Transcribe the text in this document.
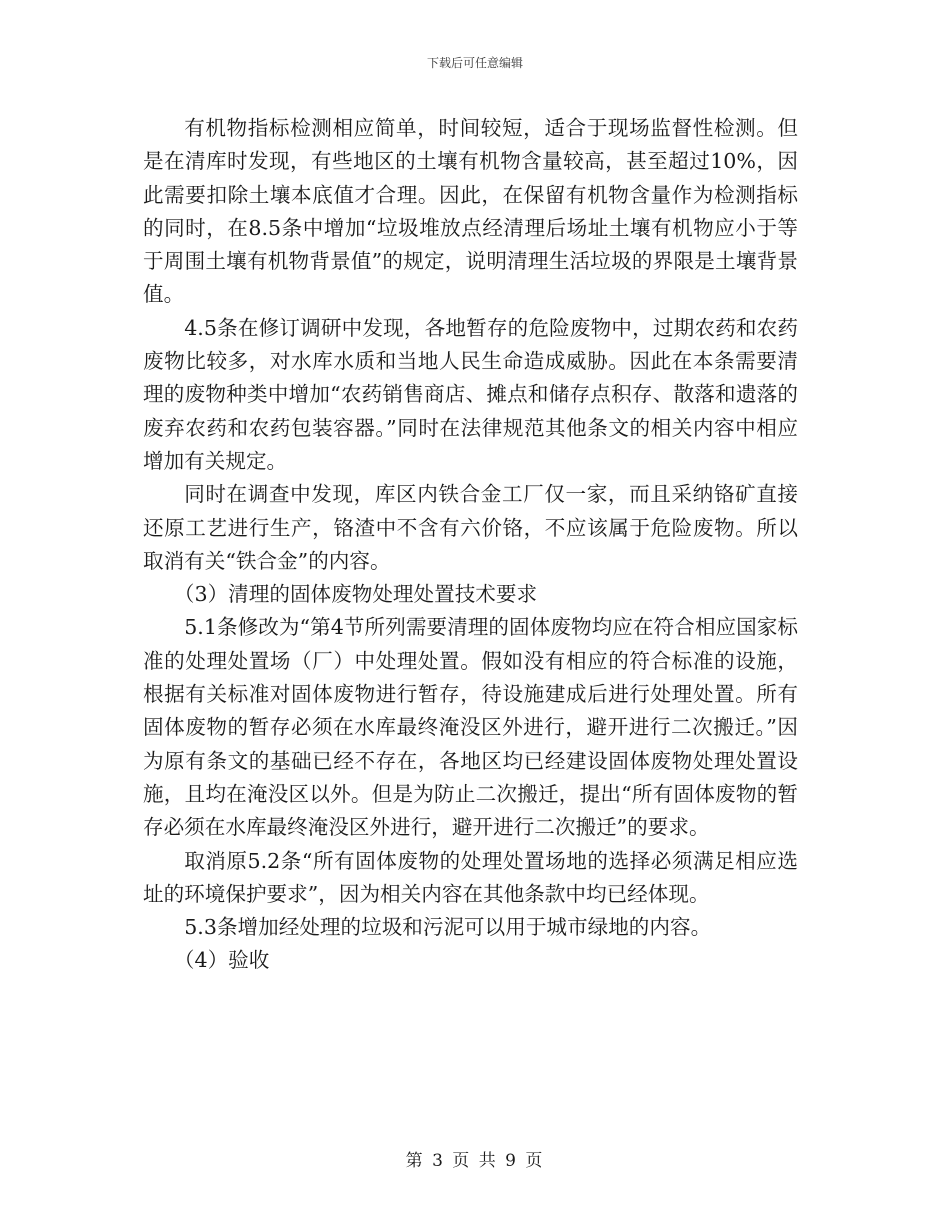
下载后可任意编辑

有机物指标检测相应简单，时间较短，适合于现场监督性检测。但是在清库时发现，有些地区的土壤有机物含量较高，甚至超过10%，因此需要扣除土壤本底值才合理。因此，在保留有机物含量作为检测指标的同时，在8.5条中增加“垃圾堆放点经清理后场址土壤有机物应小于等于周围土壤有机物背景值”的规定，说明清理生活垃圾的界限是土壤背景值。

4.5条在修订调研中发现，各地暂存的危险废物中，过期农药和农药废物比较多，对水库水质和当地人民生命造成威胁。因此在本条需要清理的废物种类中增加“农药销售商店、摊点和储存点积存、散落和遗落的废弃农药和农药包装容器。”同时在法律规范其他条文的相关内容中相应增加有关规定。

同时在调查中发现，库区内铁合金工厂仅一家，而且采纳铬矿直接还原工艺进行生产，铬渣中不含有六价铬，不应该属于危险废物。所以取消有关“铁合金”的内容。

（3）清理的固体废物处理处置技术要求

5.1条修改为“第4节所列需要清理的固体废物均应在符合相应国家标准的处理处置场（厂）中处理处置。假如没有相应的符合标准的设施，根据有关标准对固体废物进行暂存，待设施建成后进行处理处置。所有固体废物的暂存必须在水库最终淹没区外进行，避开进行二次搬迁。”因为原有条文的基础已经不存在，各地区均已经建设固体废物处理处置设施，且均在淹没区以外。但是为防止二次搬迁，提出“所有固体废物的暂存必须在水库最终淹没区外进行，避开进行二次搬迁”的要求。

取消原5.2条“所有固体废物的处理处置场地的选择必须满足相应选址的环境保护要求”，因为相关内容在其他条款中均已经体现。

5.3条增加经处理的垃圾和污泥可以用于城市绿地的内容。

（4）验收

第 3 页 共 9 页
